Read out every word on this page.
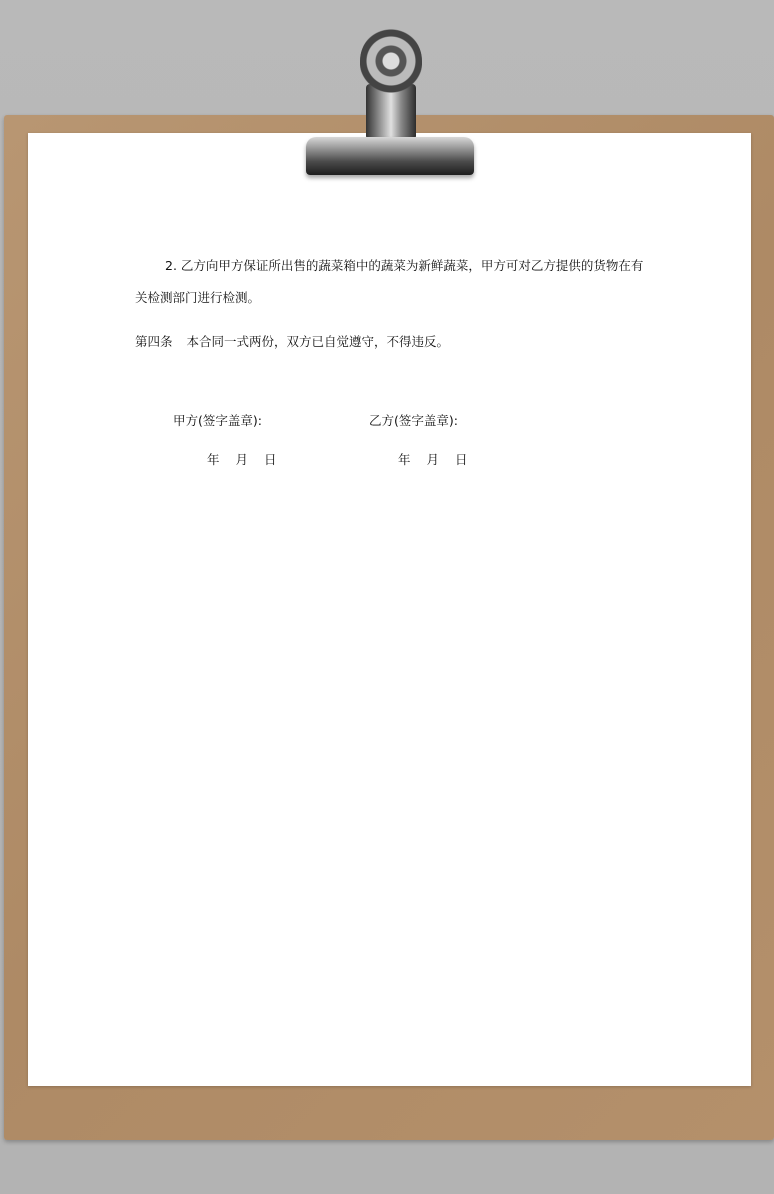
2. 乙方向甲方保证所出售的蔬菜箱中的蔬菜为新鲜蔬菜，甲方可对乙方提供的货物在有
关检测部门进行检测。
第四条 本合同一式两份，双方已自觉遵守，不得违反。
甲方(签字盖章):	乙方(签字盖章):
年 月 日	年 月 日
